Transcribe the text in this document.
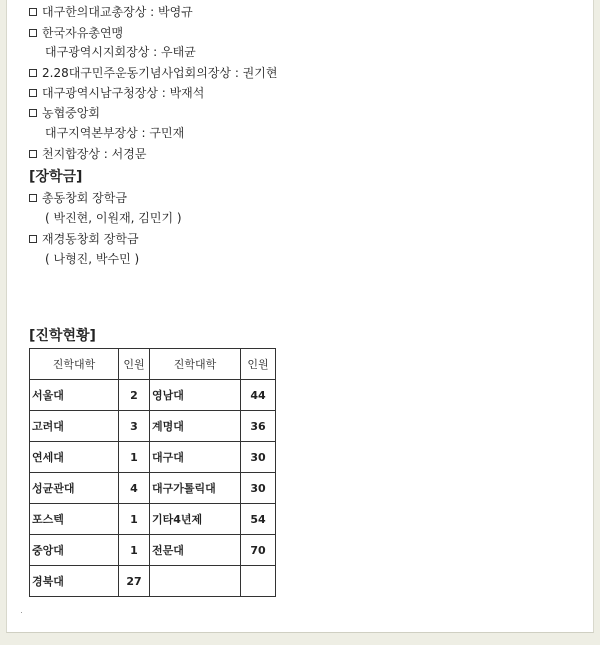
대구한의대교총장상 : 박영규
한국자유총연맹
대구광역시지회장상 : 우태균
2.28대구민주운동기념사업회의장상 : 권기현
대구광역시남구청장상 : 박재석
농협중앙회
대구지역본부장상 : 구민재
천지합장상 : 서경문
[장학금]
총동창회 장학금
( 박진현, 이원재, 김민기 )
재경동창회 장학금
( 나형진, 박수민 )
[진학현황]
진학대학	인원	진학대학	인원
서울대	2	영남대	44
고려대	3	계명대	36
연세대	1	대구대	30
성균관대	4	대구가톨릭대	30
포스텍	1	기타4년제	54
중앙대	1	전문대	70
경북대	27		
